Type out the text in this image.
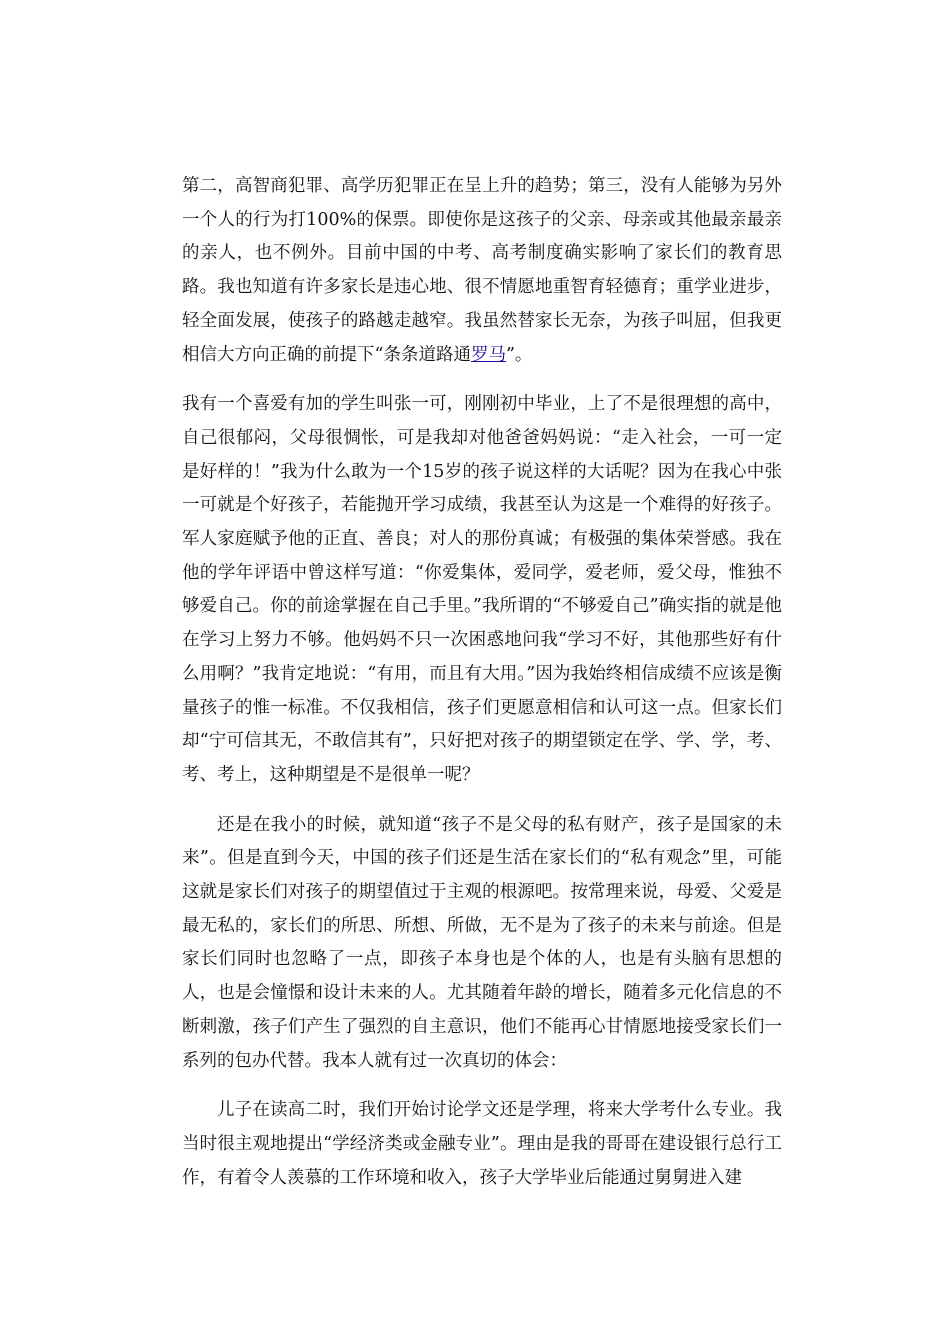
第二，高智商犯罪、高学历犯罪正在呈上升的趋势；第三，没有人能够为另外一个人的行为打100%的保票。即使你是这孩子的父亲、母亲或其他最亲最亲的亲人，也不例外。目前中国的中考、高考制度确实影响了家长们的教育思路。我也知道有许多家长是违心地、很不情愿地重智育轻德育；重学业进步，轻全面发展，使孩子的路越走越窄。我虽然替家长无奈，为孩子叫屈，但我更相信大方向正确的前提下“条条道路通罗马”。

我有一个喜爱有加的学生叫张一可，刚刚初中毕业，上了不是很理想的高中，自己很郁闷，父母很惆怅，可是我却对他爸爸妈妈说：“走入社会，一可一定是好样的！”我为什么敢为一个15岁的孩子说这样的大话呢？因为在我心中张一可就是个好孩子，若能抛开学习成绩，我甚至认为这是一个难得的好孩子。军人家庭赋予他的正直、善良；对人的那份真诚；有极强的集体荣誉感。我在他的学年评语中曾这样写道：“你爱集体，爱同学，爱老师，爱父母，惟独不够爱自己。你的前途掌握在自己手里。”我所谓的“不够爱自己”确实指的就是他在学习上努力不够。他妈妈不只一次困惑地问我“学习不好，其他那些好有什么用啊？”我肯定地说：“有用，而且有大用。”因为我始终相信成绩不应该是衡量孩子的惟一标准。不仅我相信，孩子们更愿意相信和认可这一点。但家长们却“宁可信其无，不敢信其有”，只好把对孩子的期望锁定在学、学、学，考、考、考上，这种期望是不是很单一呢？

还是在我小的时候，就知道“孩子不是父母的私有财产，孩子是国家的未来”。但是直到今天，中国的孩子们还是生活在家长们的“私有观念”里，可能这就是家长们对孩子的期望值过于主观的根源吧。按常理来说，母爱、父爱是最无私的，家长们的所思、所想、所做，无不是为了孩子的未来与前途。但是家长们同时也忽略了一点，即孩子本身也是个体的人，也是有头脑有思想的人，也是会憧憬和设计未来的人。尤其随着年龄的增长，随着多元化信息的不断刺激，孩子们产生了强烈的自主意识，他们不能再心甘情愿地接受家长们一系列的包办代替。我本人就有过一次真切的体会：

儿子在读高二时，我们开始讨论学文还是学理，将来大学考什么专业。我当时很主观地提出“学经济类或金融专业”。理由是我的哥哥在建设银行总行工作，有着令人羡慕的工作环境和收入，孩子大学毕业后能通过舅舅进入建
